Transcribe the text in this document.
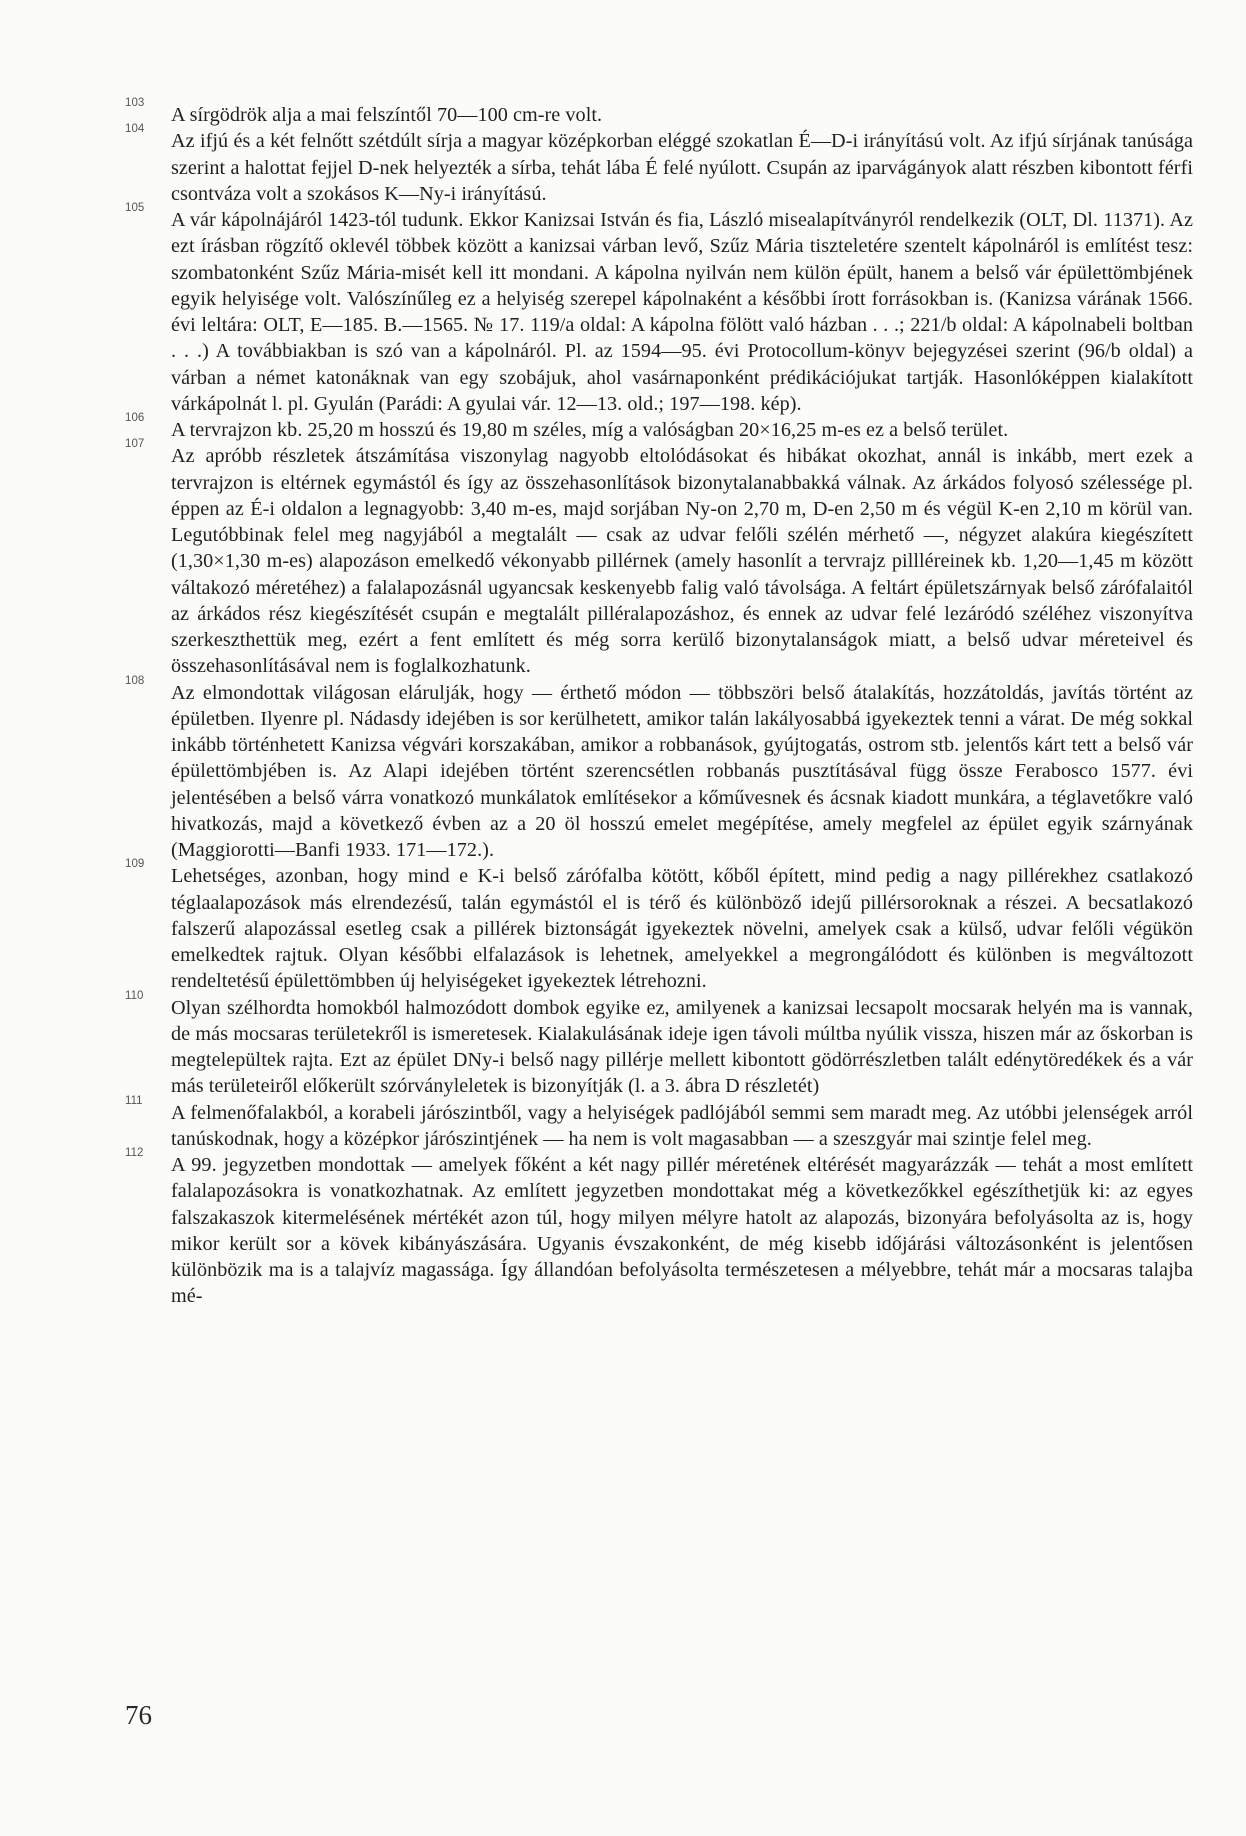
103
A sírgödrök alja a mai felszíntől 70—100 cm-re volt.
104
Az ifjú és a két felnőtt szétdúlt sírja a magyar középkorban eléggé szokatlan É—D-i irányítású volt. Az ifjú sírjának tanúsága szerint a halottat fejjel D-nek helyezték a sírba, tehát lába É felé nyúlott. Csupán az iparvágányok alatt részben kibontott férfi csontváza volt a szokásos K—Ny-i irányítású.
105
A vár kápolnájáról 1423-tól tudunk. Ekkor Kanizsai István és fia, László misealapítványról rendelkezik (OLT, Dl. 11371). Az ezt írásban rögzítő oklevél többek között a kanizsai várban levő, Szűz Mária tiszteletére szentelt kápolnáról is említést tesz: szombatonként Szűz Mária-misét kell itt mondani. A kápolna nyilván nem külön épült, hanem a belső vár épülettömbjének egyik helyisége volt. Valószínűleg ez a helyiség szerepel kápolnaként a későbbi írott forrásokban is. (Kanizsa várának 1566. évi leltára: OLT, E—185. B.—1565. № 17. 119/a oldal: A kápolna fölött való házban . . .; 221/b oldal: A kápolnabeli boltban . . .) A továbbiakban is szó van a kápolnáról. Pl. az 1594—95. évi Protocollum-könyv bejegyzései szerint (96/b oldal) a várban a német katonáknak van egy szobájuk, ahol vasárnaponként prédikációjukat tartják. Hasonlóképpen kialakított várkápolnát l. pl. Gyulán (Parádi: A gyulai vár. 12—13. old.; 197—198. kép).
106
A tervrajzon kb. 25,20 m hosszú és 19,80 m széles, míg a valóságban 20×16,25 m-es ez a belső terület.
107
Az apróbb részletek átszámítása viszonylag nagyobb eltolódásokat és hibákat okozhat, annál is inkább, mert ezek a tervrajzon is eltérnek egymástól és így az összehasonlítások bizonytalanabbakká válnak. Az árkádos folyosó szélessége pl. éppen az É-i oldalon a legnagyobb: 3,40 m-es, majd sorjában Ny-on 2,70 m, D-en 2,50 m és végül K-en 2,10 m körül van. Legutóbbinak felel meg nagyjából a megtalált — csak az udvar felőli szélén mérhető —, négyzet alakúra kiegészített (1,30×1,30 m-es) alapozáson emelkedő vékonyabb pillérnek (amely hasonlít a tervrajz pillléreinek kb. 1,20—1,45 m között váltakozó méretéhez) a falalapozásnál ugyancsak keskenyebb falig való távolsága. A feltárt épületszárnyak belső zárófalaitól az árkádos rész kiegészítését csupán e megtalált pilléralapozáshoz, és ennek az udvar felé lezáródó széléhez viszonyítva szerkeszthettük meg, ezért a fent említett és még sorra kerülő bizonytalanságok miatt, a belső udvar méreteivel és összehasonlításával nem is foglalkozhatunk.
108
Az elmondottak világosan elárulják, hogy — érthető módon — többszöri belső átalakítás, hozzátoldás, javítás történt az épületben. Ilyenre pl. Nádasdy idejében is sor kerülhetett, amikor talán lakályosabbá igyekeztek tenni a várat. De még sokkal inkább történhetett Kanizsa végvári korszakában, amikor a robbanások, gyújtogatás, ostrom stb. jelentős kárt tett a belső vár épülettömbjében is. Az Alapi idejében történt szerencsétlen robbanás pusztításával függ össze Ferabosco 1577. évi jelentésében a belső várra vonatkozó munkálatok említésekor a kőművesnek és ácsnak kiadott munkára, a téglavetőkre való hivatkozás, majd a következő évben az a 20 öl hosszú emelet megépítése, amely megfelel az épület egyik szárnyának (Maggiorotti—Banfi 1933. 171—172.).
109
Lehetséges, azonban, hogy mind e K-i belső zárófalba kötött, kőből épített, mind pedig a nagy pillérekhez csatlakozó téglaalapozások más elrendezésű, talán egymástól el is térő és különböző idejű pillérsoroknak a részei. A becsatlakozó falszerű alapozással esetleg csak a pillérek biztonságát igyekeztek növelni, amelyek csak a külső, udvar felőli végükön emelkedtek rajtuk. Olyan későbbi elfalazások is lehetnek, amelyekkel a megrongálódott és különben is megváltozott rendeltetésű épülettömbben új helyiségeket igyekeztek létrehozni.
110
Olyan szélhordta homokból halmozódott dombok egyike ez, amilyenek a kanizsai lecsapolt mocsarak helyén ma is vannak, de más mocsaras területekről is ismeretesek. Kialakulásának ideje igen távoli múltba nyúlik vissza, hiszen már az őskorban is megtelepültek rajta. Ezt az épület DNy-i belső nagy pillérje mellett kibontott gödörrészletben talált edénytöredékek és a vár más területeiről előkerült szórványleletek is bizonyítják (l. a 3. ábra D részletét)
111
A felmenőfalakból, a korabeli járószintből, vagy a helyiségek padlójából semmi sem maradt meg. Az utóbbi jelenségek arról tanúskodnak, hogy a középkor járószintjének — ha nem is volt magasabban — a szeszgyár mai szintje felel meg.
112
A 99. jegyzetben mondottak — amelyek főként a két nagy pillér méretének eltérését magyarázzák — tehát a most említett falalapozásokra is vonatkozhatnak. Az említett jegyzetben mondottakat még a következőkkel egészíthetjük ki: az egyes falszakaszok kitermelésének mértékét azon túl, hogy milyen mélyre hatolt az alapozás, bizonyára befolyásolta az is, hogy mikor került sor a kövek kibányászására. Ugyanis évszakonként, de még kisebb időjárási változásonként is jelentősen különbözik ma is a talajvíz magassága. Így állandóan befolyásolta természetesen a mélyebbre, tehát már a mocsaras talajba mé-
76
